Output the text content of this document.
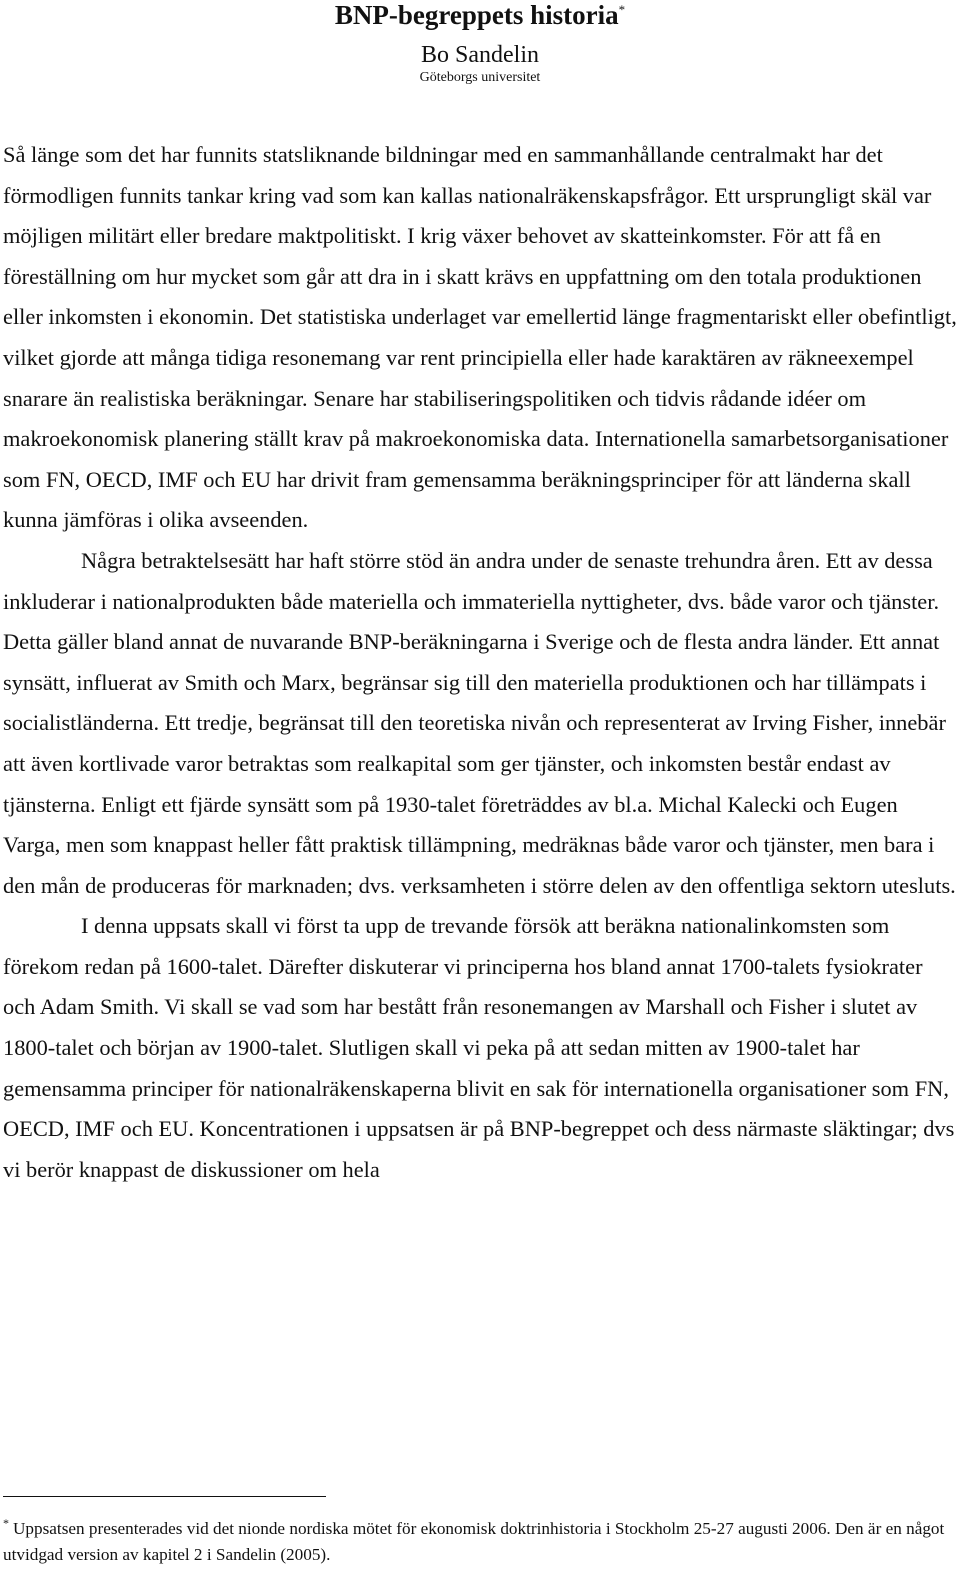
BNP-begreppets historia*
Bo Sandelin
Göteborgs universitet

Så länge som det har funnits statsliknande bildningar med en sammanhållande centralmakt har det förmodligen funnits tankar kring vad som kan kallas nationalräkenskapsfrågor. Ett ursprungligt skäl var möjligen militärt eller bredare maktpolitiskt. I krig växer behovet av skatteinkomster. För att få en föreställning om hur mycket som går att dra in i skatt krävs en uppfattning om den totala produktionen eller inkomsten i ekonomin. Det statistiska underlaget var emellertid länge fragmentariskt eller obefintligt, vilket gjorde att många tidiga resonemang var rent principiella eller hade karaktären av räkneexempel snarare än realistiska beräkningar. Senare har stabiliseringspolitiken och tidvis rådande idéer om makroekonomisk planering ställt krav på makroekonomiska data. Internationella samarbetsorganisationer som FN, OECD, IMF och EU har drivit fram gemensamma beräkningsprinciper för att länderna skall kunna jämföras i olika avseenden.

Några betraktelsesätt har haft större stöd än andra under de senaste trehundra åren. Ett av dessa inkluderar i nationalprodukten både materiella och immateriella nyttigheter, dvs. både varor och tjänster. Detta gäller bland annat de nuvarande BNP-beräkningarna i Sverige och de flesta andra länder. Ett annat synsätt, influerat av Smith och Marx, begränsar sig till den materiella produktionen och har tillämpats i socialistländerna. Ett tredje, begränsat till den teoretiska nivån och representerat av Irving Fisher, innebär att även kortlivade varor betraktas som realkapital som ger tjänster, och inkomsten består endast av tjänsterna. Enligt ett fjärde synsätt som på 1930-talet företräddes av bl.a. Michal Kalecki och Eugen Varga, men som knappast heller fått praktisk tillämpning, medräknas både varor och tjänster, men bara i den mån de produceras för marknaden; dvs. verksamheten i större delen av den offentliga sektorn utesluts.

I denna uppsats skall vi först ta upp de trevande försök att beräkna nationalinkomsten som förekom redan på 1600-talet. Därefter diskuterar vi principerna hos bland annat 1700-talets fysiokrater och Adam Smith. Vi skall se vad som har bestått från resonemangen av Marshall och Fisher i slutet av 1800-talet och början av 1900-talet. Slutligen skall vi peka på att sedan mitten av 1900-talet har gemensamma principer för nationalräkenskaperna blivit en sak för internationella organisationer som FN, OECD, IMF och EU. Koncentrationen i uppsatsen är på BNP-begreppet och dess närmaste släktingar; dvs vi berör knappast de diskussioner om hela

* Uppsatsen presenterades vid det nionde nordiska mötet för ekonomisk doktrinhistoria i Stockholm 25-27 augusti 2006. Den är en något utvidgad version av kapitel 2 i Sandelin (2005).
